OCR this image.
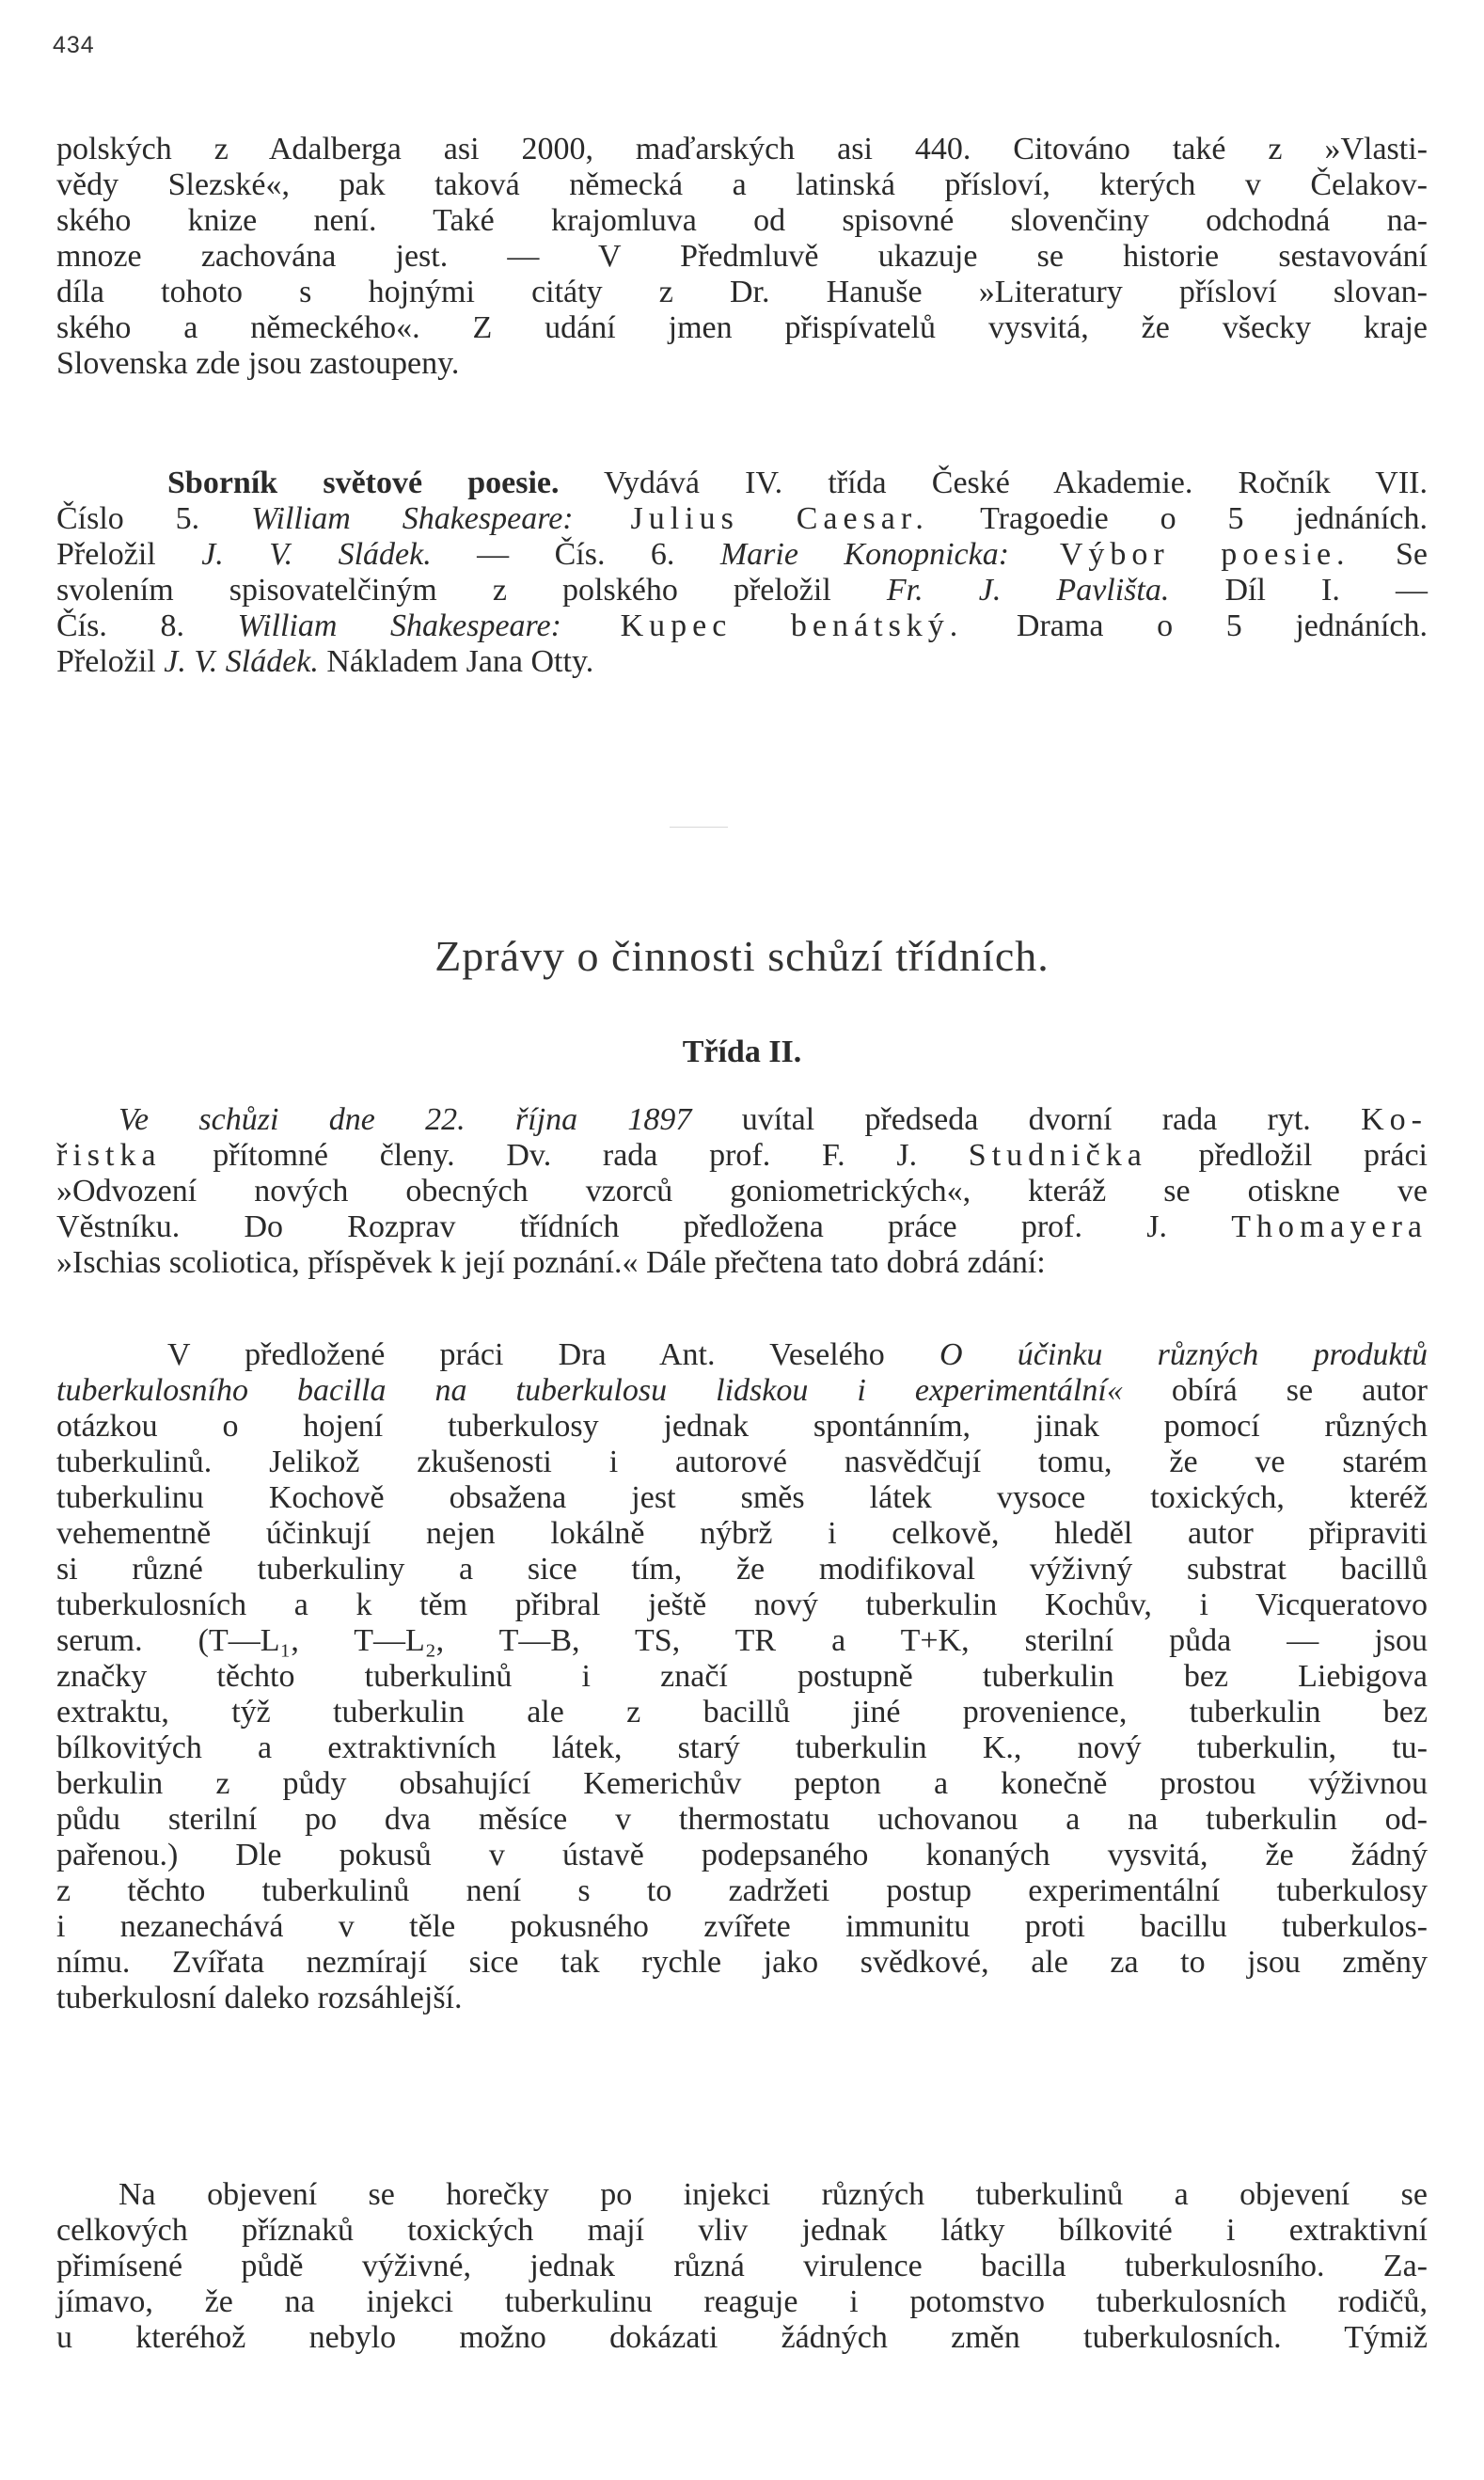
434
polských z Adalberga asi 2000, maďarských asi 440. Citováno také z »Vlasti-
vědy Slezské«, pak taková německá a latinská přísloví, kterých v Čelakov-
ského knize není. Také krajomluva od spisovné slovenčiny odchodná na-
mnoze zachována jest. — V Předmluvě ukazuje se historie sestavování
díla tohoto s hojnými citáty z Dr. Hanuše »Literatury přísloví slovan-
ského a německého«. Z udání jmen přispívatelů vysvitá, že všecky kraje
Slovenska zde jsou zastoupeny.
Sborník světové poesie. Vydává IV. třída České Akademie. Ročník VII.
Číslo 5. William Shakespeare: Julius Caesar. Tragoedie o 5 jednáních.
Přeložil J. V. Sládek. — Čís. 6. Marie Konopnicka: Výbor poesie. Se
svolením spisovatelčiným z polského přeložil Fr. J. Pavlišta. Díl I. —
Čís. 8. William Shakespeare: Kupec benátský. Drama o 5 jednáních.
Přeložil J. V. Sládek. Nákladem Jana Otty.
Zprávy o činnosti schůzí třídních.
Třída II.
Ve schůzi dne 22. října 1897 uvítal předseda dvorní rada ryt. Ko-
řistka přítomné členy. Dv. rada prof. F. J. Studnička předložil práci
»Odvození nových obecných vzorců goniometrických«, kteráž se otiskne ve
Věstníku. Do Rozprav třídních předložena práce prof. J. Thomayera
»Ischias scoliotica, příspěvek k její poznání.« Dále přečtena tato dobrá zdání:
V předložené práci Dra Ant. Veselého O účinku různých produktů
tuberkulosního bacilla na tuberkulosu lidskou i experimentální« obírá se autor
otázkou o hojení tuberkulosy jednak spontánním, jinak pomocí různých
tuberkulinů. Jelikož zkušenosti i autorové nasvědčují tomu, že ve starém
tuberkulinu Kochově obsažena jest směs látek vysoce toxických, kteréž
vehementně účinkují nejen lokálně nýbrž i celkově, hleděl autor připraviti
si různé tuberkuliny a sice tím, že modifikoval výživný substrat bacillů
tuberkulosních a k těm přibral ještě nový tuberkulin Kochův, i Vicqueratovo
serum. (T—L₁, T—L₂, T—B, TS, TR a T+K, sterilní půda — jsou
značky těchto tuberkulinů i značí postupně tuberkulin bez Liebigova
extraktu, týž tuberkulin ale z bacillů jiné provenience, tuberkulin bez
bílkovitých a extraktivních látek, starý tuberkulin K., nový tuberkulin, tu-
berkulin z půdy obsahující Kemerichův pepton a konečně prostou výživnou
půdu sterilní po dva měsíce v thermostatu uchovanou a na tuberkulin od-
pařenou.) Dle pokusů v ústavě podepsaného konaných vysvitá, že žádný
z těchto tuberkulinů není s to zadržeti postup experimentální tuberkulosy
i nezanechává v těle pokusného zvířete immunitu proti bacillu tuberkulos-
nímu. Zvířata nezmírají sice tak rychle jako svědkové, ale za to jsou změny
tuberkulosní daleko rozsáhlejší.
Na objevení se horečky po injekci různých tuberkulinů a objevení se
celkových příznaků toxických mají vliv jednak látky bílkovité i extraktivní
přimísené půdě výživné, jednak různá virulence bacilla tuberkulosního. Za-
jímavo, že na injekci tuberkulinu reaguje i potomstvo tuberkulosních rodičů,
u kteréhož nebylo možno dokázati žádných změn tuberkulosních. Týmiž
